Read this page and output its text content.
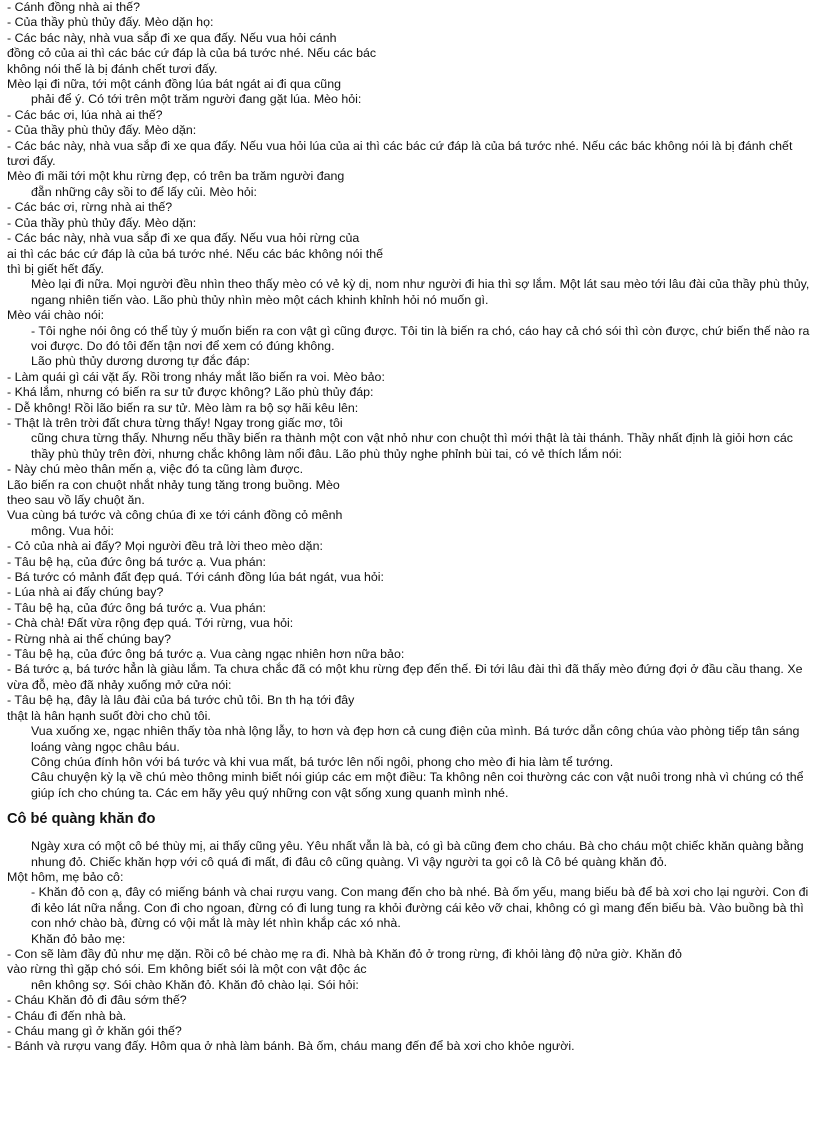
- Cánh đồng nhà ai thế?

- Của thầy phù thủy đấy. Mèo dặn họ:

- Các bác này, nhà vua sắp đi xe qua đấy. Nếu vua hỏi cánh

đồng cỏ của ai thì các bác cứ đáp là của bá tước nhé. Nếu các bác

không nói thế là bị đánh chết tươi đấy.

Mèo lại đi nữa, tới một cánh đồng lúa bát ngát ai đi qua cũng

phải để ý. Có tới trên một trăm người đang gặt lúa. Mèo hỏi:

- Các bác ơi, lúa nhà ai thế?

- Của thầy phù thủy đấy. Mèo dặn:

- Các bác này, nhà vua sắp đi xe qua đấy. Nếu vua hỏi lúa của ai thì các bác cứ đáp là của bá tước nhé. Nếu các bác không nói là bị đánh chết tươi đấy.

Mèo đi mãi tới một khu rừng đẹp, có trên ba trăm người đang

đẵn những cây sồi to để lấy củi. Mèo hỏi:

- Các bác ơi, rừng nhà ai thế?

- Của thầy phù thủy đấy. Mèo dặn:

- Các bác này, nhà vua sắp đi xe qua đấy. Nếu vua hỏi rừng của

ai thì các bác cứ đáp là của bá tước nhé. Nếu các bác không nói thế

thì bị giết hết đấy.

Mèo lại đi nữa. Mọi người đều nhìn theo thấy mèo có vẻ kỳ dị, nom như người đi hia thì sợ lắm. Một lát sau mèo tới lâu đài của thầy phù thủy, ngang nhiên tiến vào. Lão phù thủy nhìn mèo một cách khinh khỉnh hỏi nó muốn gì.

Mèo vái chào nói:

- Tôi nghe nói ông có thể tùy ý muốn biến ra con vật gì cũng được. Tôi tin là biến ra chó, cáo hay cả chó sói thì còn được, chứ biến thế nào ra voi được. Do đó tôi đến tận nơi để xem có đúng không.

Lão phù thủy dương dương tự đắc đáp:

- Làm quái gì cái vặt ấy. Rồi trong nháy mắt lão biến ra voi. Mèo bảo:

- Khá lắm, nhưng có biến ra sư tử được không? Lão phù thủy đáp:

- Dễ không! Rồi lão biến ra sư tử. Mèo làm ra bộ sợ hãi kêu lên:

- Thật là trên trời đất chưa từng thấy! Ngay trong giấc mơ, tôi

cũng chưa từng thấy. Nhưng nếu thầy biến ra thành một con vật nhỏ như con chuột thì mới thật là tài thánh. Thầy nhất định là giỏi hơn các thầy phù thủy trên đời, nhưng chắc không làm nổi đâu. Lão phù thủy nghe phỉnh bùi tai, có vẻ thích lắm nói:

- Này chú mèo thân mến ạ, việc đó ta cũng làm được.

Lão biến ra con chuột nhắt nhảy tung tăng trong buồng. Mèo

theo sau vồ lấy chuột ăn.

Vua cùng bá tước và công chúa đi xe tới cánh đồng cỏ mênh

mông. Vua hỏi:

- Cỏ của nhà ai đấy? Mọi người đều trả lời theo mèo dặn:

- Tâu bệ hạ, của đức ông bá tước ạ. Vua phán:

- Bá tước có mảnh đất đẹp quá. Tới cánh đồng lúa bát ngát, vua hỏi:

- Lúa nhà ai đấy chúng bay?

- Tâu bệ hạ, của đức ông bá tước ạ. Vua phán:

- Chà chà! Đất vừa rộng đẹp quá. Tới rừng, vua hỏi:

- Rừng nhà ai thế chúng bay?

- Tâu bệ hạ, của đức ông bá tước ạ. Vua càng ngạc nhiên hơn nữa bảo:

- Bá tước ạ, bá tước hẳn là giàu lắm. Ta chưa chắc đã có một khu rừng đẹp đến thế. Đi tới lâu đài thì đã thấy mèo đứng đợi ở đầu cầu thang. Xe vừa đỗ, mèo đã nhảy xuống mở cửa nói:

- Tâu bệ hạ, đây là lâu đài của bá tước chủ tôi. Bn th hạ tới đây

thật là hân hạnh suốt đời cho chủ tôi.

Vua xuống xe, ngạc nhiên thấy tòa nhà lộng lẫy, to hơn và đẹp hơn cả cung điện của mình. Bá tước dẫn công chúa vào phòng tiếp tân sáng loáng vàng ngọc châu báu.

Công chúa đính hôn với bá tước và khi vua mất, bá tước lên nối ngôi, phong cho mèo đi hia làm tể tướng.

Câu chuyện kỳ lạ về chú mèo thông minh biết nói giúp các em một điều: Ta không nên coi thường các con vật nuôi trong nhà vì chúng có thể giúp ích cho chúng ta. Các em hãy yêu quý những con vật sống xung quanh mình nhé.

Cô bé quàng khăn đo

Ngày xưa có một cô bé thùy mị, ai thấy cũng yêu. Yêu nhất vẫn là bà, có gì bà cũng đem cho cháu. Bà cho cháu một chiếc khăn quàng bằng nhung đỏ. Chiếc khăn hợp với cô quá đi mất, đi đâu cô cũng quàng. Vì vậy người ta gọi cô là Cô bé quàng khăn đỏ.

Một hôm, mẹ bảo cô:

- Khăn đỏ con ạ, đây có miếng bánh và chai rượu vang. Con mang đến cho bà nhé. Bà ốm yếu, mang biếu bà để bà xơi cho lại người. Con đi đi kẻo lát nữa nắng. Con đi cho ngoan, đừng có đi lung tung ra khỏi đường cái kẻo vỡ chai, không có gì mang đến biếu bà. Vào buồng bà thì con nhớ chào bà, đừng có vội mắt là mày lét nhìn khắp các xó nhà.

Khăn đỏ bảo mẹ:

- Con sẽ làm đầy đủ như mẹ dặn. Rồi cô bé chào mẹ ra đi. Nhà bà Khăn đỏ ở trong rừng, đi khỏi làng độ nửa giờ. Khăn đỏ

vào rừng thì gặp chó sói. Em không biết sói là một con vật độc ác

nên không sợ. Sói chào Khăn đỏ. Khăn đỏ chào lại. Sói hỏi:

- Cháu Khăn đỏ đi đâu sớm thế?

- Cháu đi đến nhà bà.

- Cháu mang gì ở khăn gói thế?

- Bánh và rượu vang đấy. Hôm qua ở nhà làm bánh. Bà ốm, cháu mang đến để bà xơi cho khỏe người.
